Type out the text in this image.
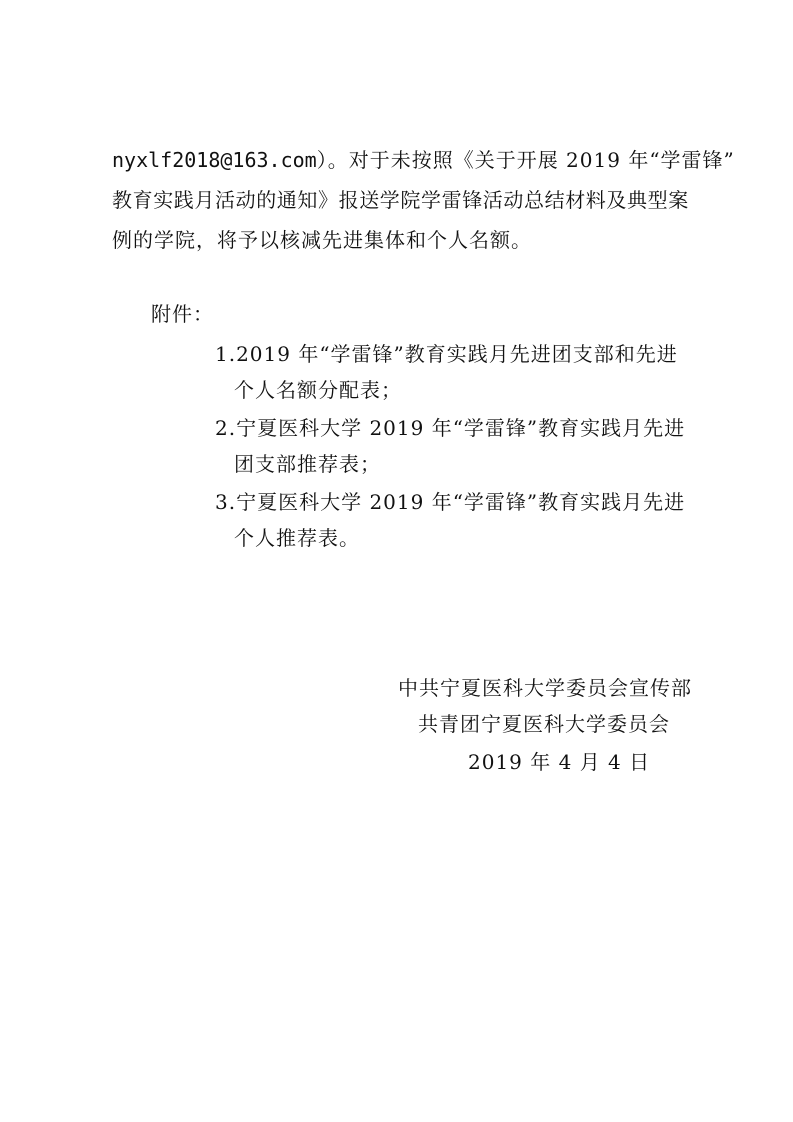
nyxlf2018@163.com）。对于未按照《关于开展 2019 年“学雷锋”
教育实践月活动的通知》报送学院学雷锋活动总结材料及典型案
例的学院，将予以核减先进集体和个人名额。
附件：
1.2019 年“学雷锋”教育实践月先进团支部和先进
个人名额分配表；
2.宁夏医科大学 2019 年“学雷锋”教育实践月先进
团支部推荐表；
3.宁夏医科大学 2019 年“学雷锋”教育实践月先进
个人推荐表。
中共宁夏医科大学委员会宣传部
共青团宁夏医科大学委员会
2019 年 4 月 4 日
